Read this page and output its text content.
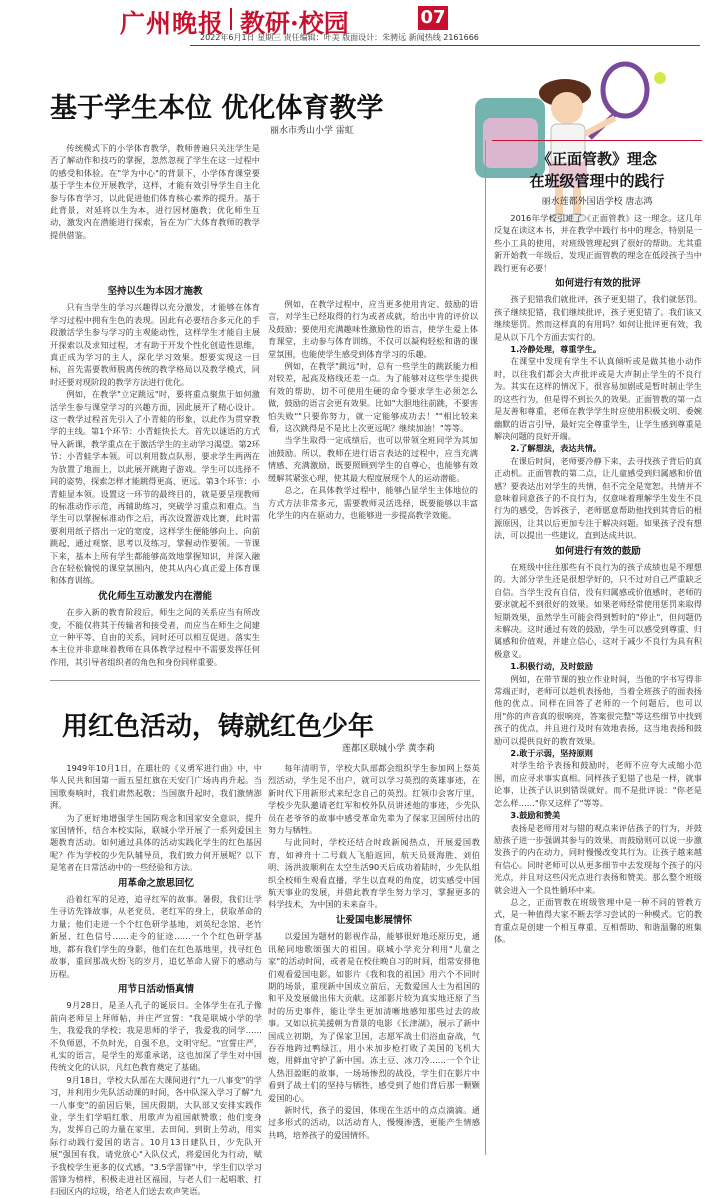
广州晚报 教研·校园	07
2022年6月1日 星期三 责任编辑：叶美 版面设计：朱骋远 新闻热线 2161666
基于学生本位 优化体育教学
丽水市秀山小学 雷虹

传统模式下的小学体育教学，教师普遍只关注学生是否了解动作和技巧的掌握，忽然忽视了学生在这一过程中的感受和体验。在"学为中心"的背景下，小学体育课堂要基于学生本位开展教学，这样，才能有效引导学生自主化参与体育学习，以此促进他们体育核心素养的提升。基于此背景，对延将以生为本，进行因材施教；优化师生互动，激发内在潜能进行探索，旨在为广大体育教师的教学提供借鉴。

坚持以生为本因才施教

只有当学生的学习兴趣得以充分激发，才能够在体育学习过程中拥有生色的表现。因此有必要结合多元化的手段激活学生参与学习的主观能动性，这样学生才能自主展开探索以及求知过程，才有助于开发个性化创造性思维，真正成为学习的主人，深化学习效果。想要实现这一目标，首先需要教师脱离传统的教学格局以及教学模式，同时还要对现阶段的教学方法进行优化。

例如，在教学"立定跳远"时，要将重点聚焦于如何激活学生参与课堂学习的兴趣方面，因此展开了精心设计。这一教学过程首先引入了小青蛙的形象，以此作为贯穿教学的主线。第1个环节：小青蛙快长大。首先以谜语的方式导入新课，教学重点在于激活学生的主动学习渴望。第2环节：小青蛙学本领。可以利用数点队形，要求学生两两在为放置了地面上，以此展开跳跑子游戏。学生可以选择不同的姿势，探索怎样才能跳得更高、更远。第3个环节：小青蛙显本领。设置这一环节的最终目的，就是要呈现教师的标准动作示范，再辅助练习，突破学习重点和难点。当学生可以掌握标准动作之后，再次设置游戏比赛，此时需要利用纸子搭出一定的宽度，这样学生便能够向上、向前跳起，通过观察、思考以及练习，掌握动作要领。一节课下来，基本上所有学生都能够高效地掌握知识，并深入融合在轻松愉悦的课堂氛围内，使其从内心真正爱上体育课和体育训练。

优化师生互动激发内在潜能

在步入新的教育阶段后，师生之间的关系应当有所改变，不能仅将其于传输者和接受者，而应当在师生之间建立一种平等、自由的关系，同时还可以相互促进。落实生本主位并非意味着教师在具体教学过程中不需要发挥任何作用，其引导者组织者的角色和身份同样重要。

例如，在教学过程中，应当更多使用肯定、鼓励的语言，对学生已经取得的行为或者成就，给出中肯的评价以及鼓励；要使用充满趣味性激励性的语言，使学生爱上体育课堂，主动参与体育训练，不仅可以凝构轻松和谐的课堂氛围，也能使学生感受到体育学习的乐趣。

例如，在教学"跳远"时，总有一些学生的跳跃能力相对较差，起高及格线还差一点。为了能够对这些学生提供有效的帮助，切不可使用生硬的命令要求学生必须怎么做，鼓励的语言会更有效果。比如"大胆地往前跳，不要害怕失败""只要你努力，就一定能够成功去！""相比较来看，这次跳得是不是比上次更远呢？继续加油！"等等。

当学生取得一定成绩后，也可以带领全班同学为其加油鼓励。所以，教师在进行语言表达的过程中，应当充满情感、充满激励，既要照顾到学生的自尊心，也能够有效缓解其紧张心理，使其最大程度展现个人的运动潜能。

总之，在具体教学过程中，能够凸显学生主体地位的方式方法非常多元，需要教师灵活选择，既要能够以丰富化学生的内在驱动力，也能够进一步提高教学效能。

用红色活动，铸就红色少年
莲都区联城小学 黄李莉

1949年10月1日，在雄壮的《义勇军进行曲》中，中华人民共和国第一面五星红旗在天安门广场冉冉升起。当国歌奏响时，我们肃然起敬；当国旗升起时，我们激情澎湃。

为了更好地增强学生国防观念和国家安全意识，提升家国情怀，结合本校实际，联城小学开展了一系列爱国主题教育活动。如何通过具体的活动实践化学生的红色基因呢？作为学校的少先队辅导员，我们致力何开展呢？以下是笔者在日常活动中的一些经验和方法。

用革命之旅思回忆

沿着红军的足迹，追寻红军的故事。暑假，我们让学生寻访先锋故事，从老党员、老红军的身上，获取革命的力量；他们走进一个个红色研学基地，刘英纪念馆、老竹新屋、红色信号……走今的征途……一个个红色研学基地，都有我们学生的身影，他们在红色基地里，找寻红色故事，重回那战火纷飞的岁月，追忆革命人留下的感动与历程。

用节日活动悟真情

9月28日，是圣人孔子的诞辰日。全体学生在孔子像前向老师呈上拜师帖，并庄严宣誓："我是联城小学的学生，我爱我的学校；我是思师的学子，我爱我的同学……不负师恩，不负时光，自强不息，文明守纪。"宣誓庄严，礼实的语言，是学生的郑重承诺，这也加深了学生对中国传统文化的认识，凡红色教育奠定了基础。

9月18日，学校大队部在大课间进行"九一八事变"的学习，并利用少先队活动课的时间，各中队深入学习了解"九一八事变"的前因后果，国庆假期，大队部又安排实践作业，学生们学唱红歌、用歌声为祖国献赞歌；他们变身为，发挥自己的力量在家里、去田间、到街上劳动，用实际行动践行爱国的诺言。10月13日建队日，少先队开展"强国有我，请党放心"入队仪式，将爱国化为行动，赋予我校学生更多的仪式感。"3.5学雷锋"中，学生们以学习雷锋为榜样，积极走进社区福园，与老人们一起唱歌、打扫园区内的垃圾，给老人们送去欢声笑语。

每年清明节，学校大队部都会组织学生参加网上祭英烈活动，学生足不出户，就可以学习英烈的英雄事迹，在新时代下用新形式来纪念自己的英烈。红领巾会客厅里，学校少先队邀请老红军和校外队员讲述他的事迹，少先队员在老爷爷的故事中感受革命先辈为了保家卫国所付出的努力与牺牲。

与此同时，学校还结合时政新闻热点，开展爱国教育，如神舟十二号载人飞船返回，航天员聂海胜、刘伯明、汤洪波顺利在太空生活90天后成功着陆时，少先队组织全校师生观看直播，学生以直观的角度，切实感受中国航天事业的发展，并借此教育学生努力学习，掌握更多的科学技术，为中国的未来奋斗。

让爱国电影展情怀

以爱国为题材的影视作品，能够很好地还原历史，通讯秘同地歌颂强大的祖国。联城小学充分利用"儿童之家"的活动时间，或者是在校住晚自习的时间，组常安排他们观看爱国电影。如影片《我和我的祖国》用六个不同时期的场景，重现新中国成立前后，无数爱国人士为祖国的和平及发展做出伟大贡献。这部影片较为真实地还原了当时的历史事件，能让学生更加清晰地感知那些过去的故事。又如以抗美援朝为背景的电影《长津湖》，展示了新中国成立初期，为了保家卫国，志愿军战士们浴血奋战，气吞吞地跨过鸭绿江，用小米加步枪打败了美国的飞机大炮，用鲜血守护了新中国。冻土豆、冰刀冷……一个个让人热泪盈眶的故事，一场场惨烈的战役，学生们在影片中看到了战士们的坚持与牺牲，感受到了他们背后那一颗颗爱国的心。

新时代，孩子的爱国，体现在生活中的点点滴滴。通过多形式的活动，以活动育人，慢慢渗透，更能产生情感共鸣，培养孩子的爱国情怀。

《正面管教》理念
在班级管理中的践行
丽水莲都外国语学校 唐志鸿

2016年学校引进了《正面管教》这一理念。这几年反复在读这本书，并在教学中践行书中的理念，特别是一些小工具的使用，对班级管理起到了很好的帮助。尤其重新开始教一年级后，发现正面管教的理念在低段孩子当中践行更有必要！

如何进行有效的批评

孩子犯错我们就批评，孩子更犯错了，我们就惩罚。孩子继续犯错，我们继续批评，孩子更犯错了。我们该又继续惩罚。然而这样真的有用吗？如何让批评更有效，我是从以下几个方面去实行的。

1.冷静处理，尊重学生。

在课堂中发现有学生不认真倾听或是做其他小动作时，以往我们都会大声批评或是大声制止学生的不良行为。其实在这样的情况下，很容易加剧或是暂时制止学生的这些行为，但是得不到长久的效果。正面管教的第一点是友善和尊重，老师在教学学生时应使用积极文明、委婉幽默的语言引导，最好完全尊重学生，让学生感到尊重是解决问题的良好开端。

2.了解想法，表达共情。

在课后时间，老师要冷静下来，去寻找孩子背后的真正动机。正面管教的第二点，让儿童感受到归属感和价值感？要表达出对学生的共情，但不完全是宽恕。共情并不意味着同意孩子的不良行为，仅意味着理解学生发生不良行为的感受，告诉孩子，老师愿意帮助他找到其背后的根源原因，让其以后更加专注于解决问题。如果孩子没有想法，可以提出一些建议，直到达成共识。

如何进行有效的鼓励

在班级中往往那些有不良行为的孩子成绩也是不理想的。大部分学生还是很想学好的，只不过对自己严重缺乏自信。当学生没有自信，没有归属感或价值感时，老师的要求就起不到很好的效果。如果老师经常使用惩罚来取得短期效果，虽然学生可能会得到暂时的"停止"，但问题仍未解决。这时通过有效的鼓励，学生可以感受到尊重、归属感和价值观，并建立信心，这对于减少不良行为具有积极意义。

1.积极行动，及时鼓励

例如，在带节课的独立作业时间，当他的字书写得非常端正时，老师可以趁机表扬他，当着全班孩子的面表扬他的优点。同样在回答了老师的一个问题后，也可以用"你的声音真的很响亮，答案很完整"等这些细节中找到孩子的优点，并且进行及时有效地表扬，这当地表扬和鼓励可以提供良好的教育效果。

2.敢于示弱，坚持原则

对学生给予表扬和鼓励时，老师不应夸大或缩小范围，而应寻求事实真相。同样孩子犯错了也是一样，就事论事，让孩子认识到错误就好。而不是批评说："你老是怎么样……"你又这样了"等等。

3.鼓励和赞美

表扬是老师用对与错的观点来评估孩子的行为，并鼓励孩子进一步强调其参与的效果，而鼓励则可以说一步激发孩子的内在动力，同时慢慢改变其行为。让孩子越来越有信心。同时老师可以从更多细节中去发现每个孩子的闪光点，并且对这些闪光点进行表扬和赞美。那么整个班级就会进入一个良性循环中来。

总之，正面管教在班级管理中是一种不同的管教方式，是一种值得大家不断去学习尝试的一种模式。它的教育重点是创建一个相互尊重、互相帮助、和谐温馨的班集体。
